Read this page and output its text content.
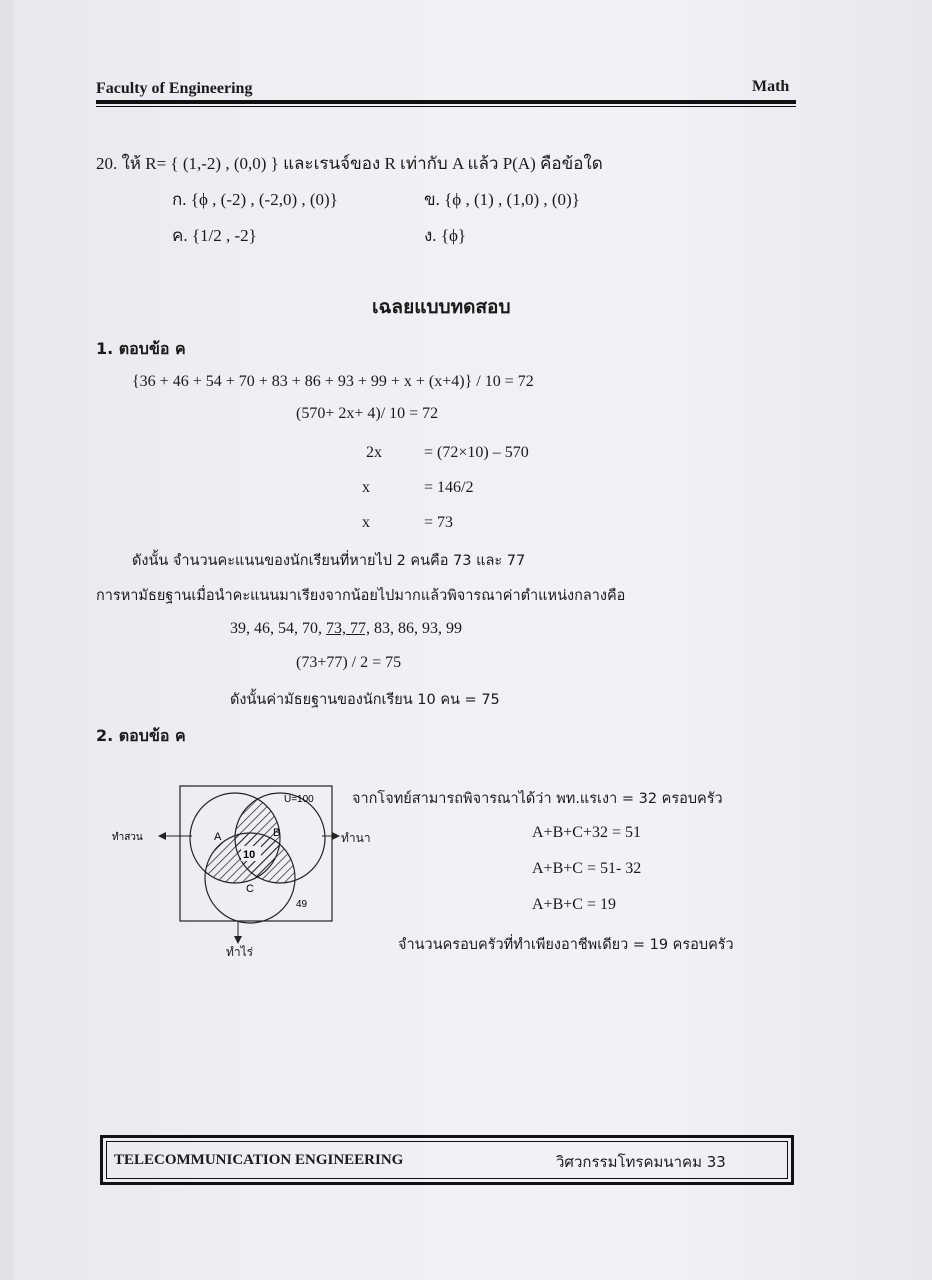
Faculty of Engineering	Math
20. ให้ R= { (1,-2) , (0,0) } และเรนจ์ของ R เท่ากับ A แล้ว P(A) คือข้อใด
ก. {ϕ , (-2) , (-2,0) , (0)}	ข. {ϕ , (1) , (1,0) , (0)}
ค. {1/2 , -2}	ง. {ϕ}
เฉลยแบบทดสอบ
1. ตอบข้อ ค
{36 + 46 + 54 + 70 + 83 + 86 + 93 + 99 + x + (x+4)} / 10 = 72
(570+ 2x+ 4)/ 10 = 72
2x	= (72×10) – 570
x	= 146/2
x	= 73
ดังนั้น จำนวนคะแนนของนักเรียนที่หายไป 2 คนคือ 73 และ 77
การหามัธยฐานเมื่อนำคะแนนมาเรียงจากน้อยไปมากแล้วพิจารณาค่าตำแหน่งกลางคือ
39, 46, 54, 70, 73, 77, 83, 86, 93, 99
(73+77) / 2 = 75
ดังนั้นค่ามัธยฐานของนักเรียน 10 คน = 75
2. ตอบข้อ ค
U=100
A	B
C
10
49
ทำสวน	ทำนา
ทำไร่
จากโจทย์สามารถพิจารณาได้ว่า พท.แรเงา = 32 ครอบครัว
A+B+C+32 = 51
A+B+C = 51- 32
A+B+C = 19
จำนวนครอบครัวที่ทำเพียงอาชีพเดียว = 19 ครอบครัว
TELECOMMUNICATION ENGINEERING	วิศวกรรมโทรคมนาคม 33
